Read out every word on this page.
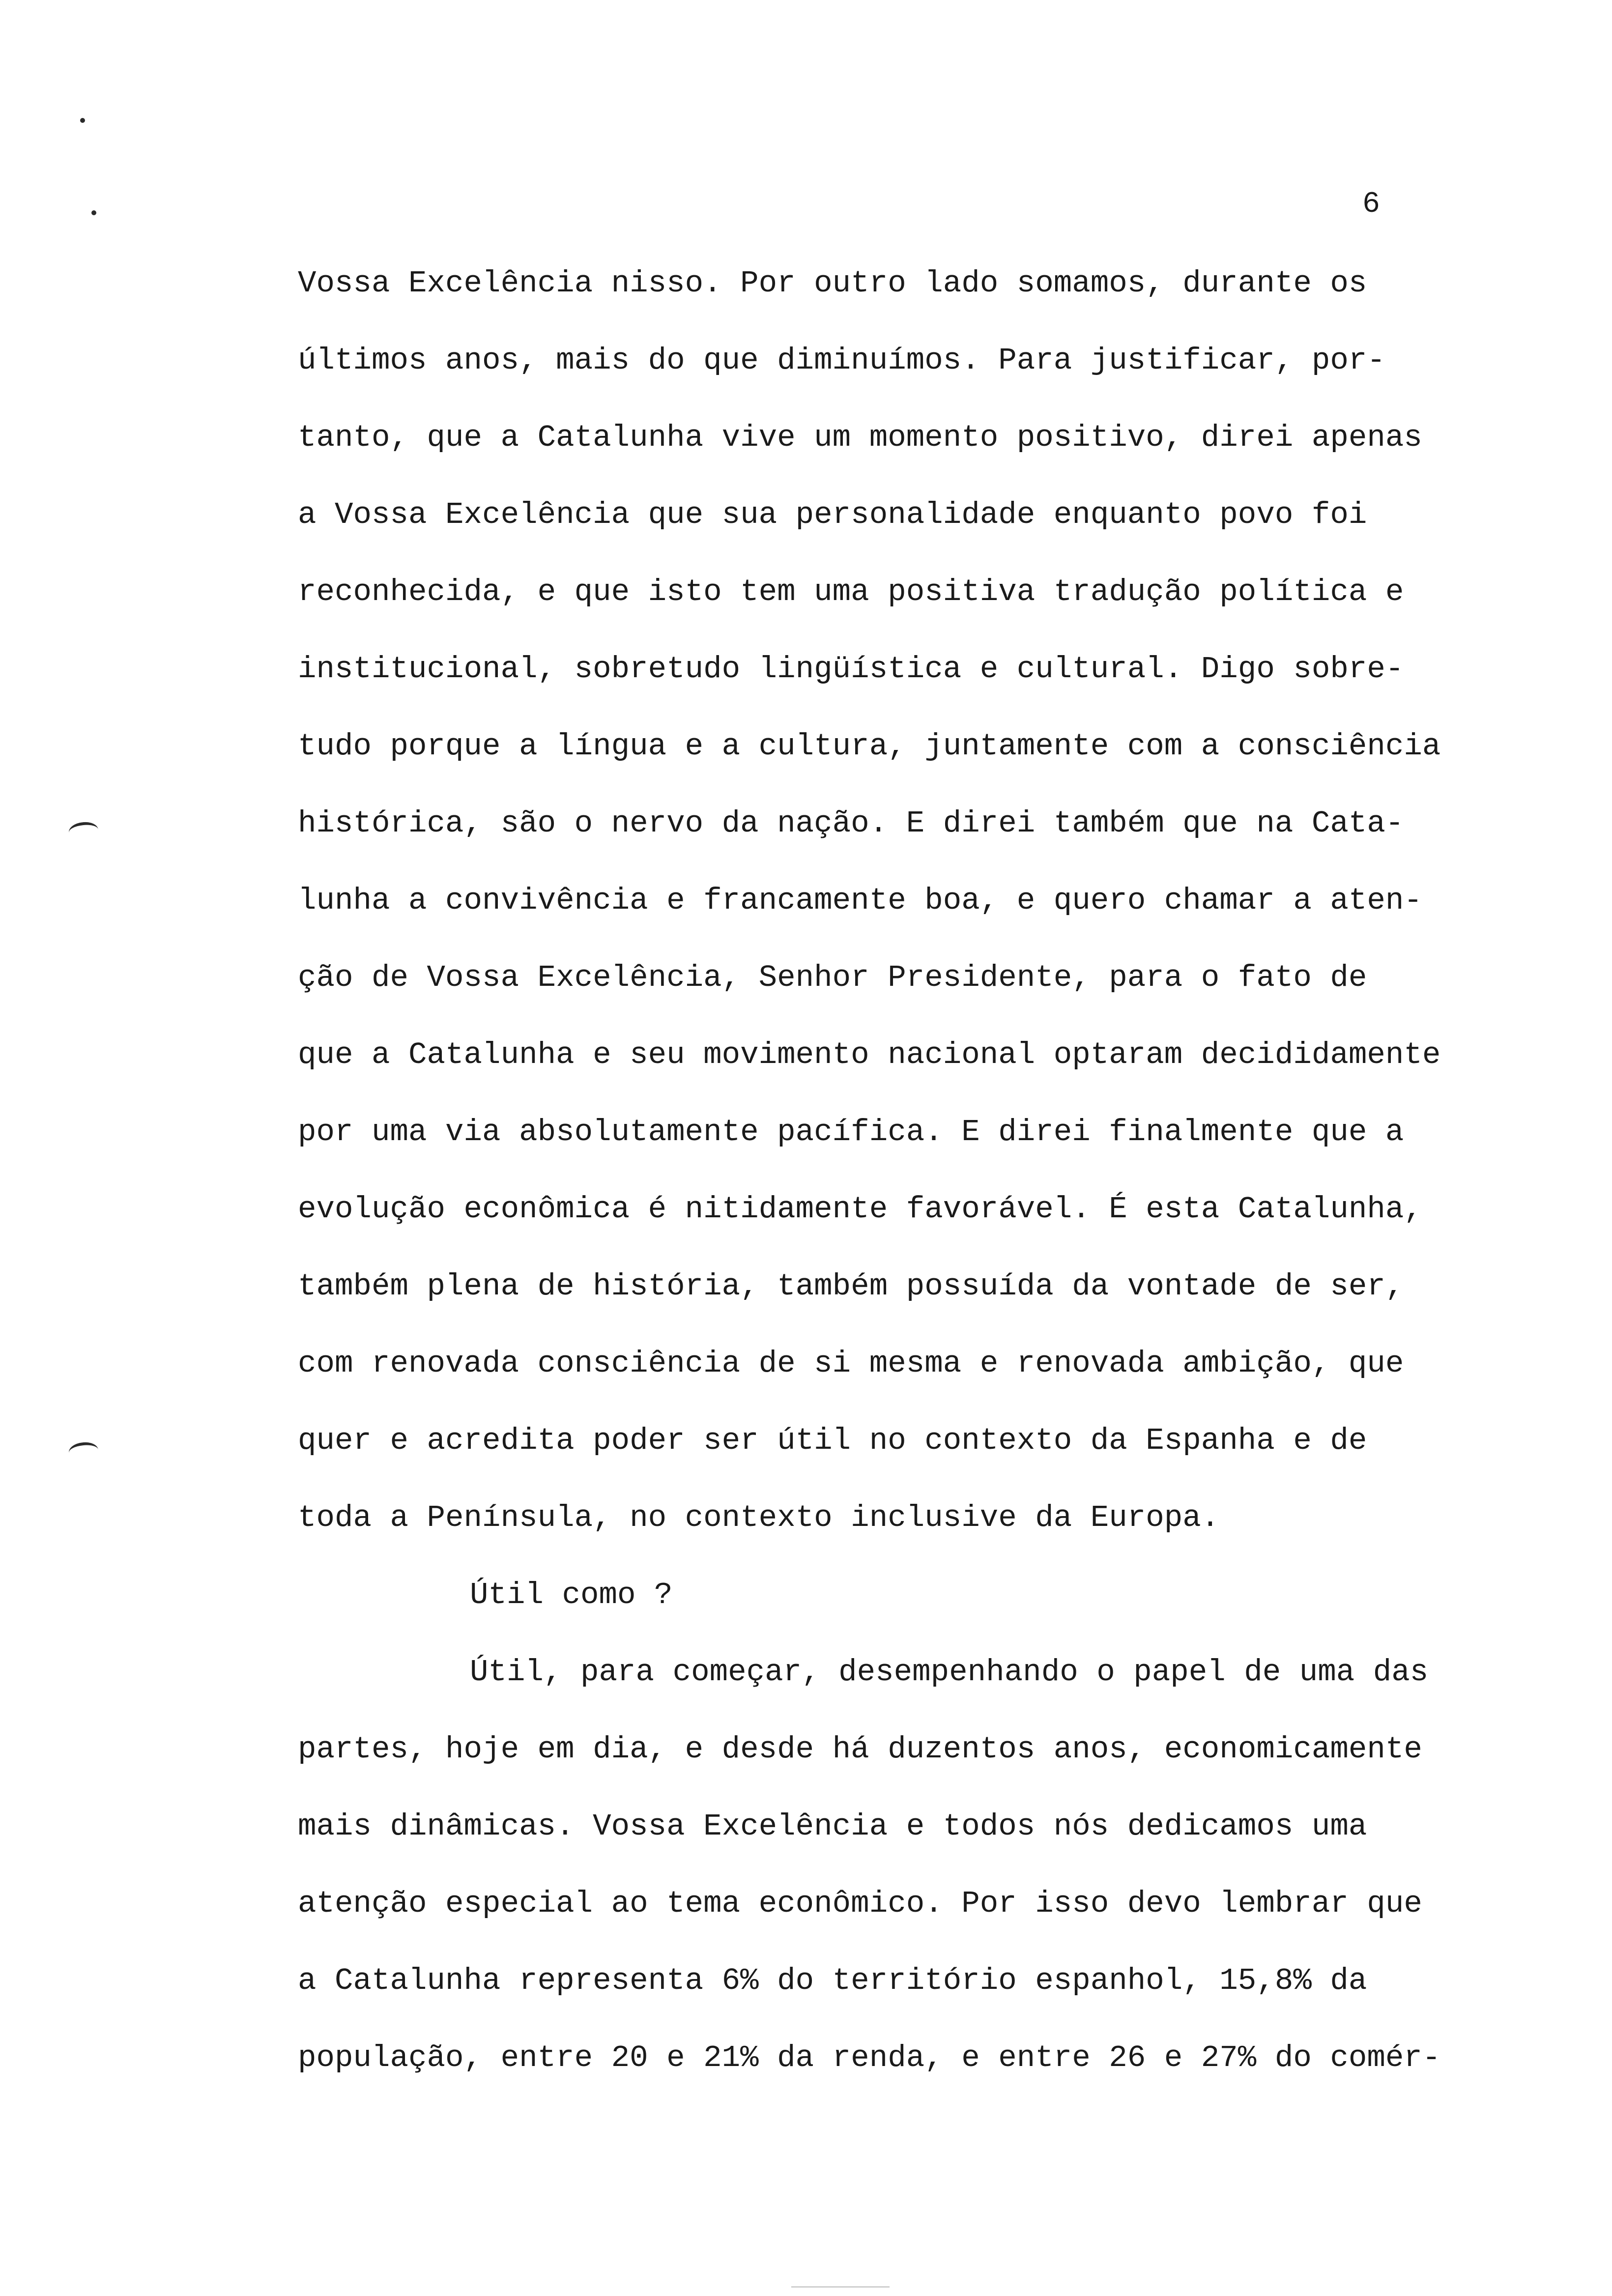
6
Vossa Excelência nisso. Por outro lado somamos, durante os
últimos anos, mais do que diminuímos. Para justificar, por-
tanto, que a Catalunha vive um momento positivo, direi apenas
a Vossa Excelência que sua personalidade enquanto povo foi
reconhecida, e que isto tem uma positiva tradução política e
institucional, sobretudo lingüística e cultural. Digo sobre-
tudo porque a língua e a cultura, juntamente com a consciência
histórica, são o nervo da nação. E direi também que na Cata-
lunha a convivência e francamente boa, e quero chamar a aten-
ção de Vossa Excelência, Senhor Presidente, para o fato de
que a Catalunha e seu movimento nacional optaram decididamente
por uma via absolutamente pacífica. E direi finalmente que a
evolução econômica é nitidamente favorável. É esta Catalunha,
também plena de história, também possuída da vontade de ser,
com renovada consciência de si mesma e renovada ambição, que
quer e acredita poder ser útil no contexto da Espanha e de
toda a Península, no contexto inclusive da Europa.
Útil como ?
Útil, para começar, desempenhando o papel de uma das
partes, hoje em dia, e desde há duzentos anos, economicamente
mais dinâmicas. Vossa Excelência e todos nós dedicamos uma
atenção especial ao tema econômico. Por isso devo lembrar que
a Catalunha representa 6% do território espanhol, 15,8% da
população, entre 20 e 21% da renda, e entre 26 e 27% do comér-
